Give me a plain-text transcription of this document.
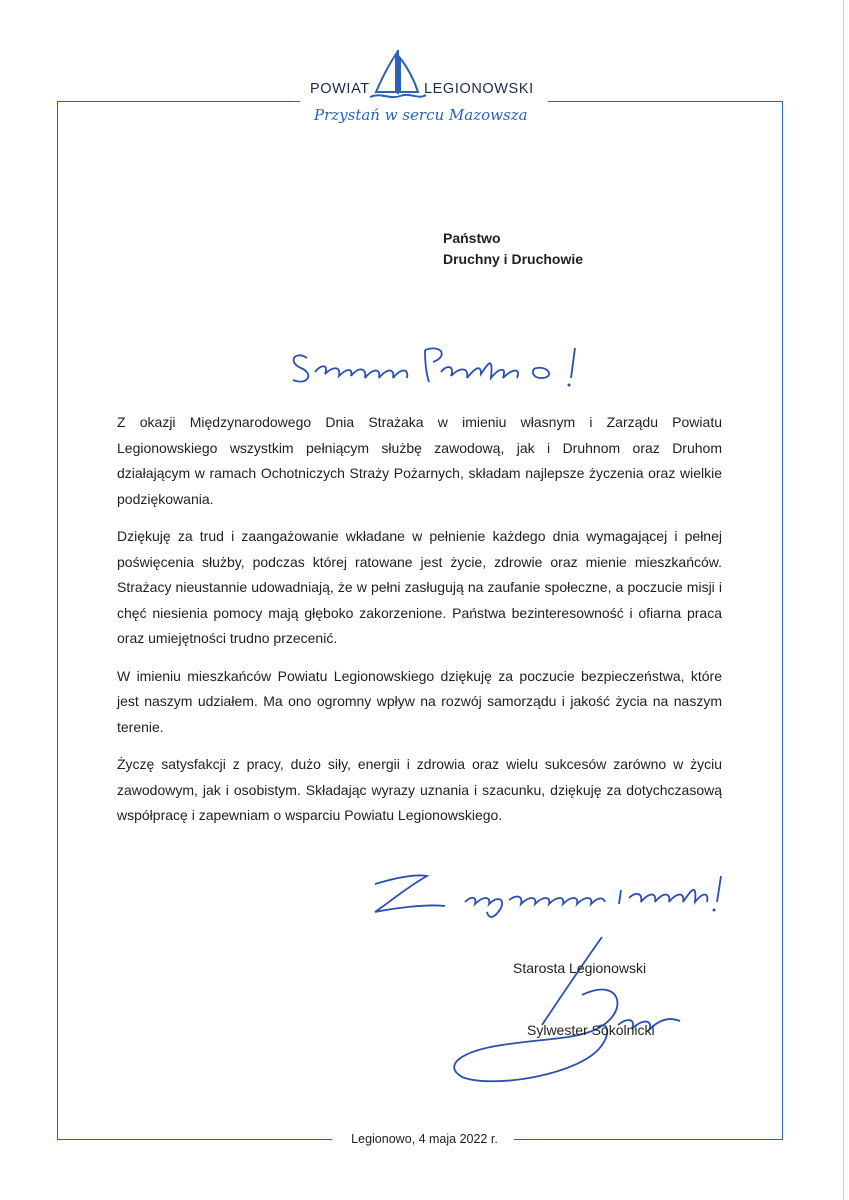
POWIAT	LEGIONOWSKI
Przystań w sercu Mazowsza
Państwo
Druchny i Druchowie

Z okazji Międzynarodowego Dnia Strażaka w imieniu własnym i Zarządu Powiatu Legionowskiego wszystkim pełniącym służbę zawodową, jak i Druhnom oraz Druhom działającym w ramach Ochotniczych Straży Pożarnych, składam najlepsze życzenia oraz wielkie podziękowania.

Dziękuję za trud i zaangażowanie wkładane w pełnienie każdego dnia wymagającej i pełnej poświęcenia służby, podczas której ratowane jest życie, zdrowie oraz mienie mieszkańców. Strażacy nieustannie udowadniają, że w pełni zasługują na zaufanie społeczne, a poczucie misji i chęć niesienia pomocy mają głęboko zakorzenione. Państwa bezinteresowność i ofiarna praca oraz umiejętności trudno przecenić.

W imieniu mieszkańców Powiatu Legionowskiego dziękuję za poczucie bezpieczeństwa, które jest naszym udziałem. Ma ono ogromny wpływ na rozwój samorządu i jakość życia na naszym terenie.

Życzę satysfakcji z pracy, dużo siły, energii i zdrowia oraz wielu sukcesów zarówno w życiu zawodowym, jak i osobistym. Składając wyrazy uznania i szacunku, dziękuję za dotychczasową współpracę i zapewniam o wsparciu Powiatu Legionowskiego.

Starosta Legionowski
Sylwester Sokolnicki
Legionowo, 4 maja 2022 r.
